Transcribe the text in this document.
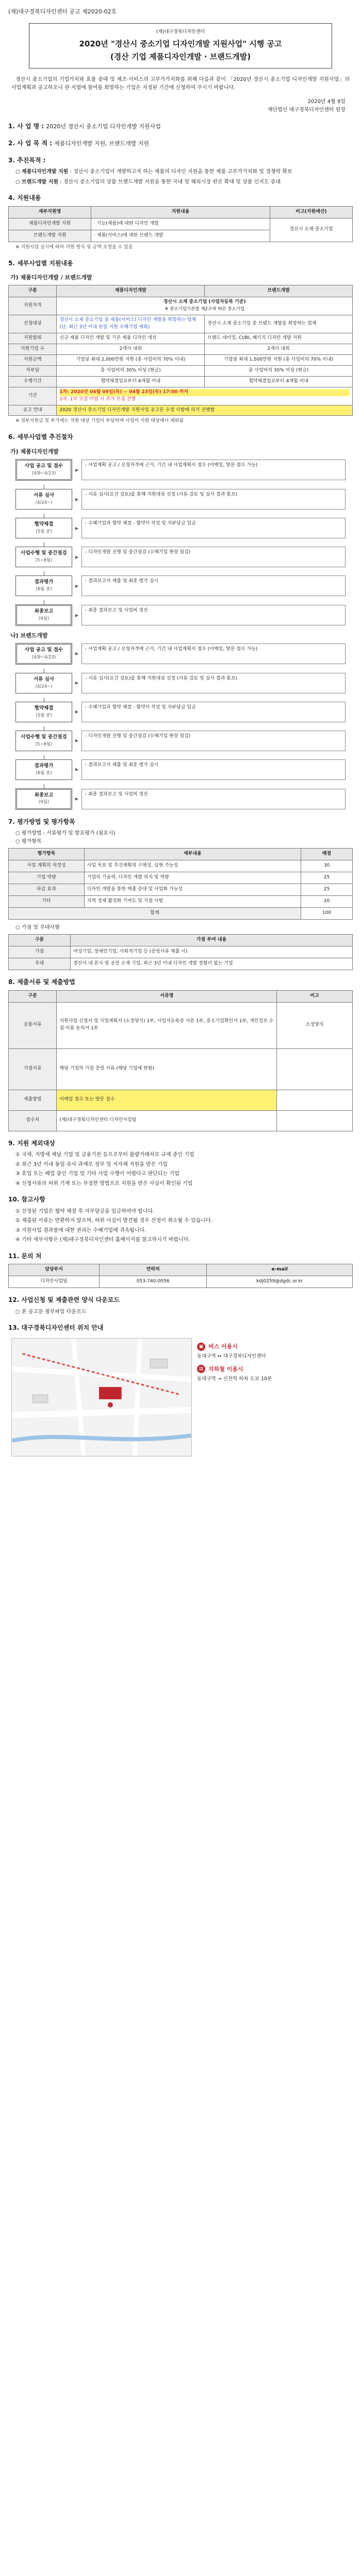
(재)대구경북디자인센터 공고 제2020-02호
(재)대구경북디자인센터
2020년 "경산시 중소기업 디자인개발 지원사업" 시행 공고
(경산 기업 제품디자인개발 · 브랜드개발)

경산시 중소기업의 기업가치와 효율 증대 및 제조·서비스의 고부가가치화를 위해 다음과 같이 「2020년 경산시 중소기업 디자인개발 지원사업」의 사업계획과 공고하오니 관·지엽에 참여를 희망하는 기업은 지정된 기간에 신청하여 주시기 바랍니다.

2020년 4월 9일
재단법인 대구경북디자인센터 원장
1. 사 업 명 : 2020년 경산시 중소기업 디자인개발 지원사업
2. 사 업 목 적 : 제품디자인개발 지원, 브랜드개발 지원
3. 추진목적 :
○ 제품디자인개발 지원 : 경산시 중소기업이 개발하고자 하는 제품의 디자인 지원을 통한 제품 고부가가치화 및 경쟁력 확보
○ 브랜드개발 지원 : 경산시 중소기업의 상품 브랜드개발 지원을 통한 국내 및 해외시장 판로 확대 및 상품 인지도 증대
4. 지원내용
세부지원명	지원내용	비고(지원예산)
제품디자인개발 지원	· 기능(제품)에 대한 디자인 개발	경산시 소재 중소기업
브랜드개발 지원	· 제품(서비스)에 대한 브랜드 개발	
※ 지원사업 실시에 따라 지원 방식 및 금액 조정을 수 있음
5. 세부사업별 지원내용
가) 제품디자인개발 / 브랜드개발
구분	제품디자인개발	브랜드개발
지원자격	경산시 소재 중소기업 (사업자등록 기준)
※ 중소기업기본법 제2조에 따른 중소기업	
신청대상	경산시 소재 중소기업 중 제품(서비스) 디자인 개발을 희망하는 업체 (단, 최근 3년 이내 동일 지원 수혜기업 제외)	경산시 소재 중소기업 중 브랜드 개발을 희망하는 업체
지원범위	신규 제품 디자인 개발 및 기존 제품 디자인 개선	브랜드 네이밍, CI/BI, 패키지 디자인 개발 지원
지원기업 수	2개사 내외	2개사 내외
지원금액	기업당 최대 2,000만원 지원 (총 사업비의 70% 이내)	기업당 최대 1,500만원 지원 (총 사업비의 70% 이내)
자부담	총 사업비의 30% 이상 (현금)	총 사업비의 30% 이상 (현금)
수행기간	협약체결일로부터 4개월 이내	협약체결일로부터 4개월 이내
기간	1차: 2020년 04월 09일(목) ~ 04월 23일(목) 17:00 까지
2차: 1차 모집 미달 시 추가 모집 진행	

공고 안내	2020 경산시 중소기업 디자인개발 지원사업 공고문 수정 사항에 의거 진행함	
※ 정부지원금 및 부가세는 지원 대상 기업이 부담하며 사업비 지원 대상에서 제외됨
6. 세부사업별 추진절차
가) 제품디자인개발
사업 공고 및 접수
(4/9~4/23)
▸
- 사업계획 공고 / 신청자격에 근거, 기간 내 사업계획서 접수 (이메일, 방문 접수 가능)
서류 심사
(4/24~)
▸
- 서류 심사(요건 검토)를 통해 지원대상 선정 (서류 검토 및 심사 결과 통보)
협약체결
(5월 중)
▸
- 수혜기업과 협약 체결 - 협약서 작성 및 자부담금 입금
사업수행 및 중간점검
(5~8월)
▸
- 디자인개발 진행 및 중간점검 (수혜기업 현장 점검)
결과평가
(8월 중)
▸
- 결과보고서 제출 및 최종 평가 실시
최종보고
(9월)
▸
- 최종 결과보고 및 사업비 정산
나) 브랜드개발
사업 공고 및 접수
(4/9~4/23)
▸
- 사업계획 공고 / 신청자격에 근거, 기간 내 사업계획서 접수 (이메일, 방문 접수 가능)
서류 심사
(4/24~)
▸
- 서류 심사(요건 검토)를 통해 지원대상 선정 (서류 검토 및 심사 결과 통보)
협약체결
(5월 중)
▸
- 수혜기업과 협약 체결 - 협약서 작성 및 자부담금 입금
사업수행 및 중간점검
(5~8월)
▸
- 디자인개발 진행 및 중간점검 (수혜기업 현장 점검)
결과평가
(8월 중)
▸
- 결과보고서 제출 및 최종 평가 실시
최종보고
(9월)
▸
- 최종 결과보고 및 사업비 정산
7. 평가방법 및 평가항목
○ 평가방법 : 서류평가 및 발표평가 (필요시)
○ 평가항목
평가항목	세부내용	배점
사업 계획의 적정성	사업 목표 및 추진계획의 구체성, 실현 가능성	30
기업 역량	기업의 기술력, 디자인 개발 의지 및 역량	25
파급 효과	디자인 개발을 통한 매출 증대 및 사업화 가능성	25
기타	지역 경제 활성화 기여도 및 가점 사항	20
합계		100
○ 가점 및 우대사항
구분	가점 부여 내용
가점	여성기업, 장애인기업, 사회적기업 등 (증빙서류 제출 시)
우대	경산시 내 본사 및 공장 소재 기업, 최근 3년 이내 디자인 개발 경험이 없는 기업
8. 제출서류 및 제출방법
구분	서류명	비고
공통서류	지원사업 신청서 및 사업계획서 (소정양식) 1부, 사업자등록증 사본 1부, 중소기업확인서 1부, 개인정보 수집·이용 동의서 1부	소정양식
가점서류	해당 기업의 가점 증빙 서류 (해당 기업에 한함)	
제출방법	이메일 접수 또는 방문 접수	
접수처	(재)대구경북디자인센터 디자인사업팀	
9. 지원 제외대상

① 국세, 지방세 체납 기업 및 금융기관 등으로부터 불량거래처로 규제 중인 기업

② 최근 3년 이내 동일·유사 과제로 정부 및 지자체 지원을 받은 기업

③ 휴업 또는 폐업 중인 기업 및 기타 사업 수행이 어렵다고 판단되는 기업

④ 신청서류의 허위 기재 또는 부정한 방법으로 지원을 받은 사실이 확인된 기업

10. 참고사항

① 선정된 기업은 협약 체결 후 자부담금을 입금하여야 합니다.

② 제출된 서류는 반환하지 않으며, 허위 사실이 발견될 경우 선정이 취소될 수 있습니다.

③ 지원사업 결과물에 대한 권리는 수혜기업에 귀속됩니다.

④ 기타 세부사항은 (재)대구경북디자인센터 홈페이지를 참고하시기 바랍니다.

11. 문의 처
담당부서	연락처	e-mail
디자인사업팀	053-740-0056	kdj0259@dgdc.or.kr
12. 사업신청 및 제출관련 양식 다운로드
○ 본 공고문 첨부파일 다운로드
13. 대구경북디자인센터 위치 안내
▣ 버스 이용시
동대구역 ↔ 대구경북디자인센터
▤ 지하철 이용시
동대구역 → 신천역 하차 도보 10분
